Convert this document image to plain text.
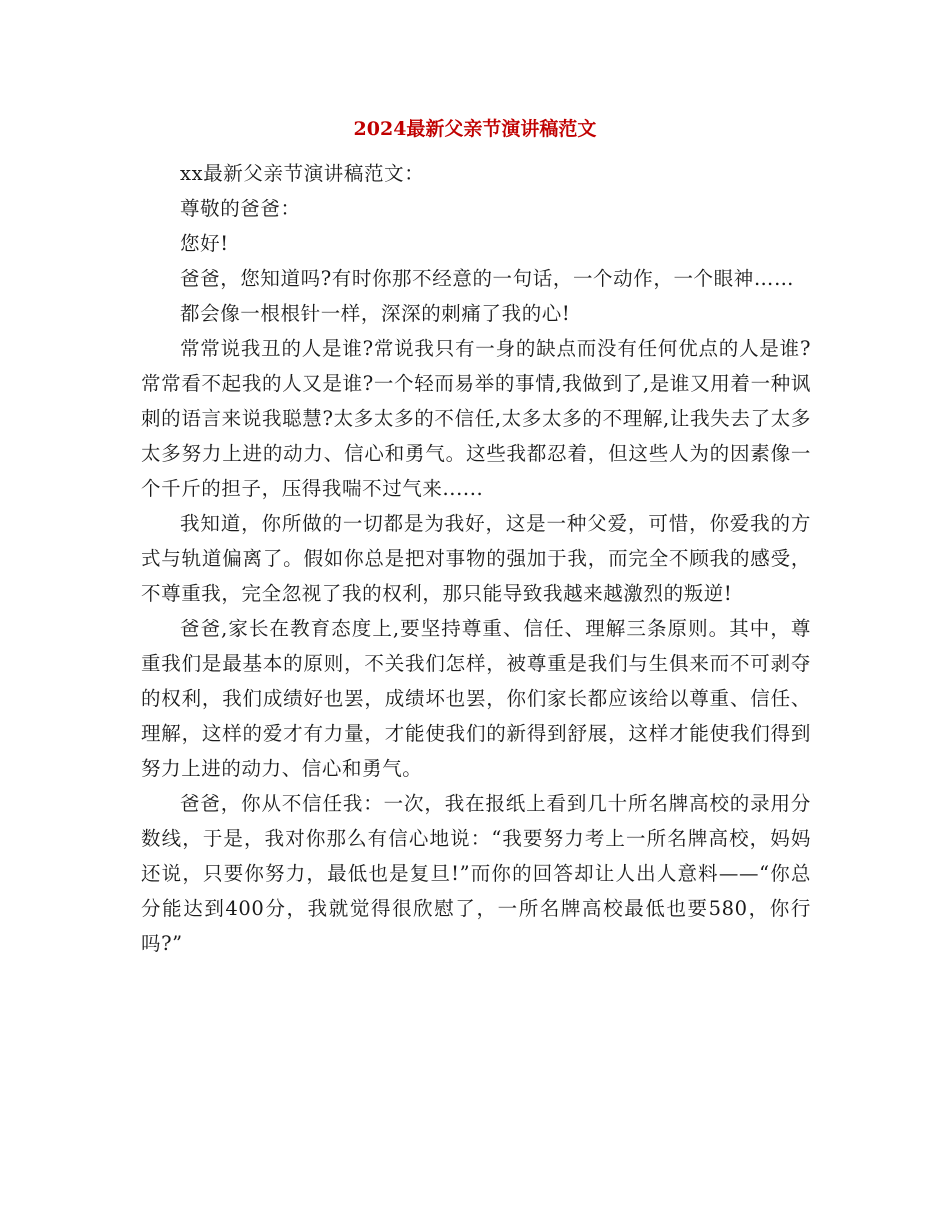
2024最新父亲节演讲稿范文

xx最新父亲节演讲稿范文：

尊敬的爸爸：

您好!

爸爸，您知道吗?有时你那不经意的一句话，一个动作，一个眼神……

都会像一根根针一样，深深的刺痛了我的心!

常常说我丑的人是谁?常说我只有一身的缺点而没有任何优点的人是谁?常常看不起我的人又是谁?一个轻而易举的事情,我做到了,是谁又用着一种讽刺的语言来说我聪慧?太多太多的不信任,太多太多的不理解,让我失去了太多太多努力上进的动力、信心和勇气。这些我都忍着，但这些人为的因素像一个千斤的担子，压得我喘不过气来......

我知道，你所做的一切都是为我好，这是一种父爱，可惜，你爱我的方式与轨道偏离了。假如你总是把对事物的强加于我，而完全不顾我的感受，不尊重我，完全忽视了我的权利，那只能导致我越来越激烈的叛逆!

爸爸,家长在教育态度上,要坚持尊重、信任、理解三条原则。其中，尊重我们是最基本的原则，不关我们怎样，被尊重是我们与生俱来而不可剥夺的权利，我们成绩好也罢，成绩坏也罢，你们家长都应该给以尊重、信任、理解，这样的爱才有力量，才能使我们的新得到舒展，这样才能使我们得到努力上进的动力、信心和勇气。

爸爸，你从不信任我：一次，我在报纸上看到几十所名牌高校的录用分数线，于是，我对你那么有信心地说：“我要努力考上一所名牌高校，妈妈还说，只要你努力，最低也是复旦!”而你的回答却让人出人意料——“你总分能达到400分，我就觉得很欣慰了，一所名牌高校最低也要580，你行吗?”
